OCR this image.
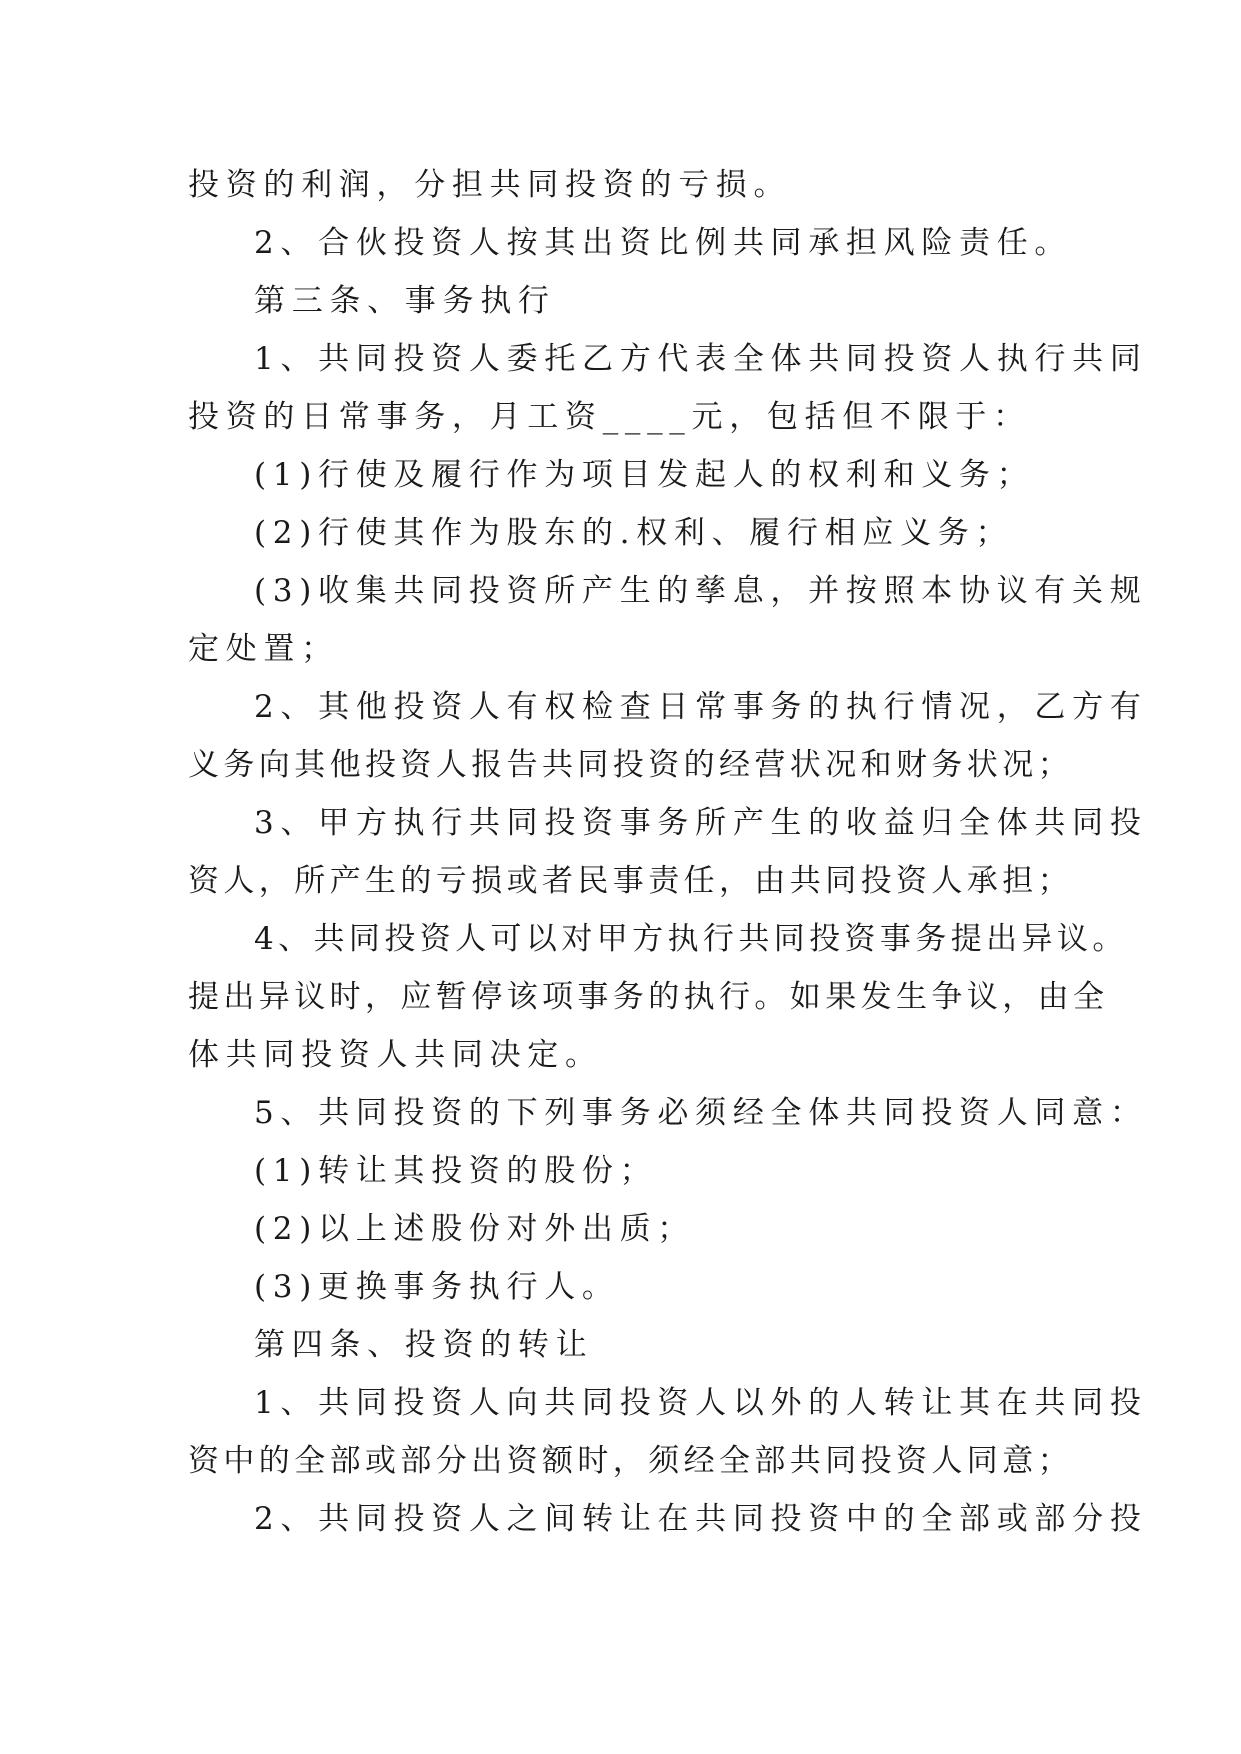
投资的利润，分担共同投资的亏损。
2、合伙投资人按其出资比例共同承担风险责任。
第三条、事务执行
1、共同投资人委托乙方代表全体共同投资人执行共同
投资的日常事务，月工资____元，包括但不限于：
(1)行使及履行作为项目发起人的权利和义务；
(2)行使其作为股东的.权利、履行相应义务；
(3)收集共同投资所产生的孳息，并按照本协议有关规
定处置；
2、其他投资人有权检查日常事务的执行情况，乙方有
义务向其他投资人报告共同投资的经营状况和财务状况；
3、甲方执行共同投资事务所产生的收益归全体共同投
资人，所产生的亏损或者民事责任，由共同投资人承担；
4、共同投资人可以对甲方执行共同投资事务提出异议。
提出异议时，应暂停该项事务的执行。如果发生争议，由全
体共同投资人共同决定。
5、共同投资的下列事务必须经全体共同投资人同意：
(1)转让其投资的股份；
(2)以上述股份对外出质；
(3)更换事务执行人。
第四条、投资的转让
1、共同投资人向共同投资人以外的人转让其在共同投
资中的全部或部分出资额时，须经全部共同投资人同意；
2、共同投资人之间转让在共同投资中的全部或部分投
